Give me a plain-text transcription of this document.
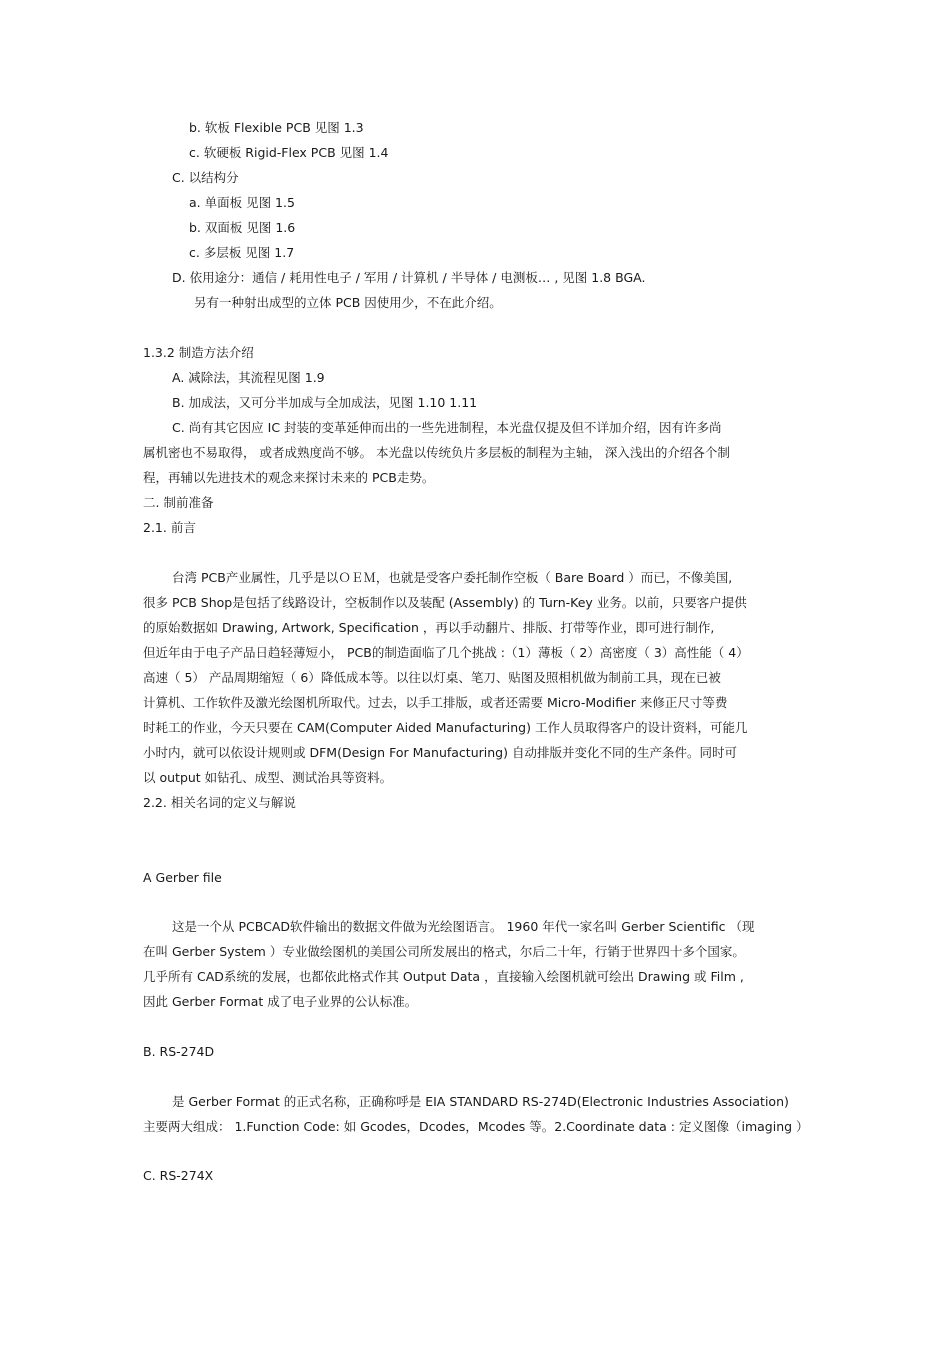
b. 软板 Flexible PCB 见图 1.3

c. 软硬板 Rigid-Flex PCB 见图 1.4

C. 以结构分

a. 单面板 见图 1.5

b. 双面板 见图 1.6

c. 多层板 见图 1.7

D. 依用途分：通信 / 耗用性电子 / 军用 / 计算机 / 半导体 / 电测板… , 见图 1.8 BGA.

另有一种射出成型的立体 PCB 因使用少，不在此介绍。

1.3.2 制造方法介绍

A. 减除法，其流程见图 1.9

B. 加成法，又可分半加成与全加成法，见图 1.10 1.11

C. 尚有其它因应 IC 封装的变革延伸而出的一些先进制程，本光盘仅提及但不详加介绍，因有许多尚

属机密也不易取得， 或者成熟度尚不够。 本光盘以传统负片多层板的制程为主轴， 深入浅出的介绍各个制

程，再辅以先进技术的观念来探讨未来的 PCB走势。

二. 制前准备

2.1. 前言

台湾 PCB产业属性，几乎是以ＯＥＭ，也就是受客户委托制作空板（ Bare Board ）而已，不像美国,

很多 PCB Shop是包括了线路设计，空板制作以及装配 (Assembly) 的 Turn-Key 业务。以前，只要客户提供

的原始数据如 Drawing, Artwork, Specification ，再以手动翻片、排版、打带等作业，即可进行制作,

但近年由于电子产品日趋轻薄短小， PCB的制造面临了几个挑战 :（1）薄板（ 2）高密度（ 3）高性能（ 4）

高速（ 5） 产品周期缩短（ 6）降低成本等。以往以灯桌、笔刀、贴图及照相机做为制前工具，现在已被

计算机、工作软件及激光绘图机所取代。过去，以手工排版，或者还需要 Micro-Modifier 来修正尺寸等费

时耗工的作业，今天只要在 CAM(Computer Aided Manufacturing) 工作人员取得客户的设计资料，可能几

小时内，就可以依设计规则或 DFM(Design For Manufacturing) 自动排版并变化不同的生产条件。同时可

以 output 如钻孔、成型、测试治具等资料。

2.2. 相关名词的定义与解说

A Gerber file

这是一个从 PCBCAD软件输出的数据文件做为光绘图语言。 1960 年代一家名叫 Gerber Scientific （现

在叫 Gerber System ）专业做绘图机的美国公司所发展出的格式，尔后二十年，行销于世界四十多个国家。

几乎所有 CAD系统的发展，也都依此格式作其 Output Data ，直接输入绘图机就可绘出 Drawing 或 Film ,

因此 Gerber Format 成了电子业界的公认标准。

B. RS-274D

是 Gerber Format 的正式名称，正确称呼是 EIA STANDARD RS-274D(Electronic Industries Association)

主要两大组成： 1.Function Code: 如 Gcodes，Dcodes，Mcodes 等。2.Coordinate data : 定义图像（imaging ）

C. RS-274X
